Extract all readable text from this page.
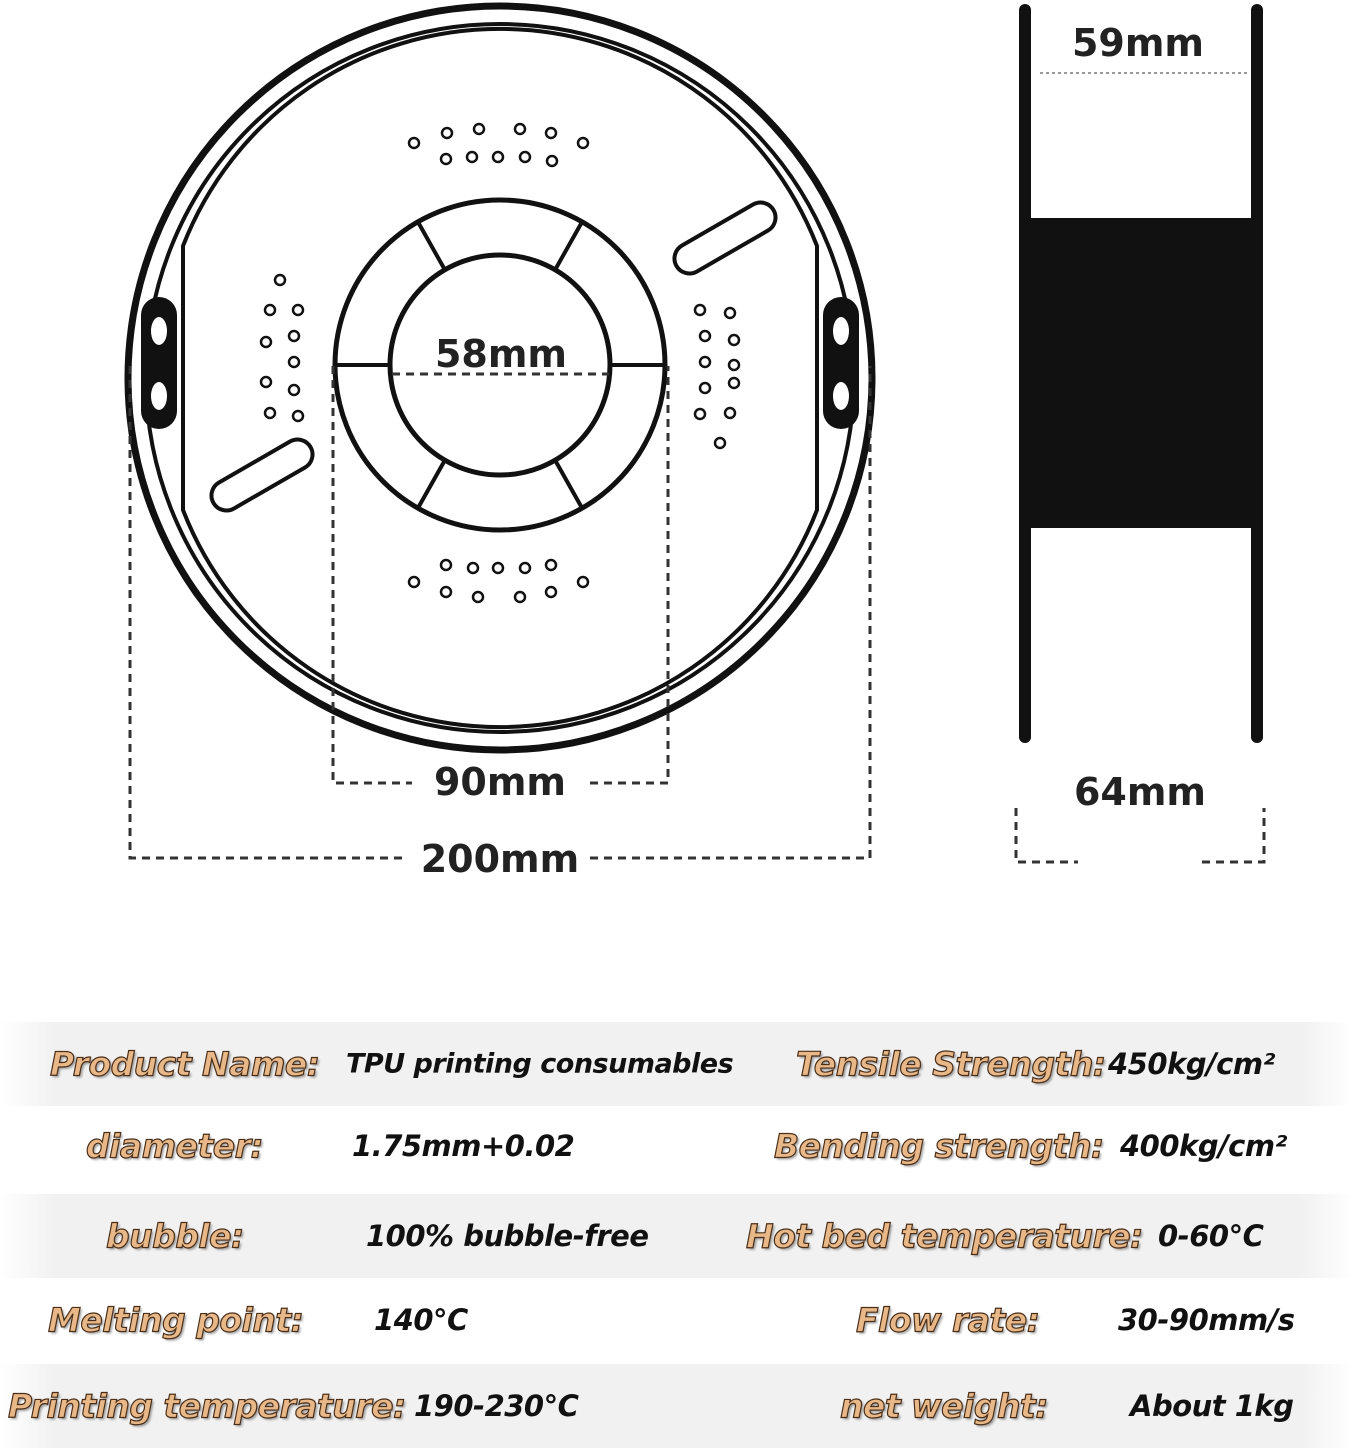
59mm
58mm
90mm
200mm
64mm
Product Name: TPU printing consumables Tensile Strength: 450kg/cm²
diameter:	1.75mm+0.02	Bending strength: 400kg/cm²
bubble:	100% bubble-free	Hot bed temperature: 0-60°C
Melting point: 140°C	Flow rate:	30-90mm/s
Printing temperature: 190-230°C	net weight:	About 1kg
